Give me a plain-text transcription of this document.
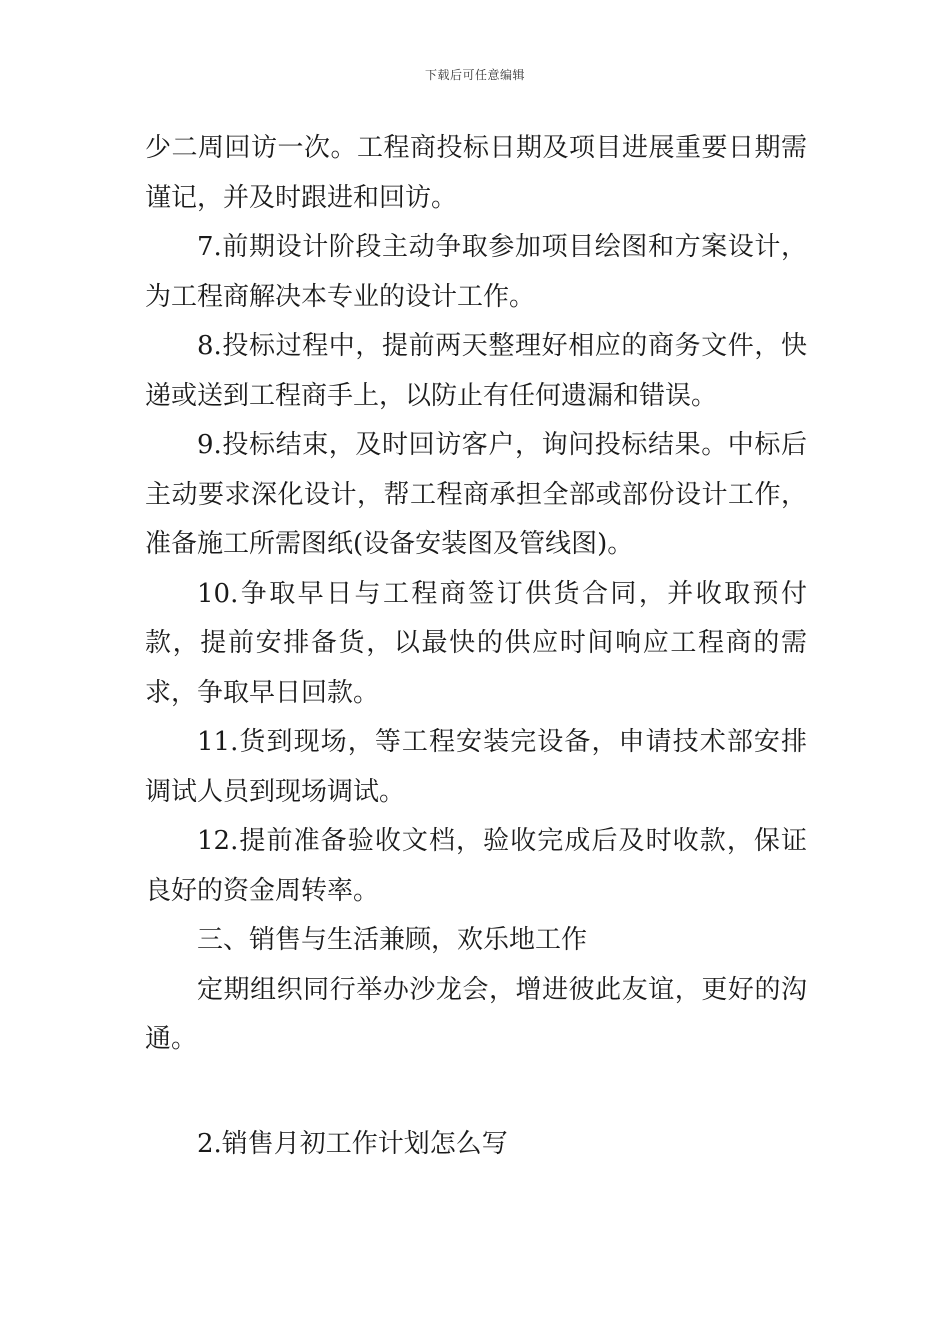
下载后可任意编辑

少二周回访一次。工程商投标日期及项目进展重要日期需谨记，并及时跟进和回访。

7.前期设计阶段主动争取参加项目绘图和方案设计，为工程商解决本专业的设计工作。

8.投标过程中，提前两天整理好相应的商务文件，快递或送到工程商手上，以防止有任何遗漏和错误。

9.投标结束，及时回访客户，询问投标结果。中标后主动要求深化设计，帮工程商承担全部或部份设计工作，准备施工所需图纸(设备安装图及管线图)。

10.争取早日与工程商签订供货合同，并收取预付款，提前安排备货，以最快的供应时间响应工程商的需求，争取早日回款。

11.货到现场，等工程安装完设备，申请技术部安排调试人员到现场调试。

12.提前准备验收文档，验收完成后及时收款，保证良好的资金周转率。

三、销售与生活兼顾，欢乐地工作

定期组织同行举办沙龙会，增进彼此友谊，更好的沟通。

2.销售月初工作计划怎么写
